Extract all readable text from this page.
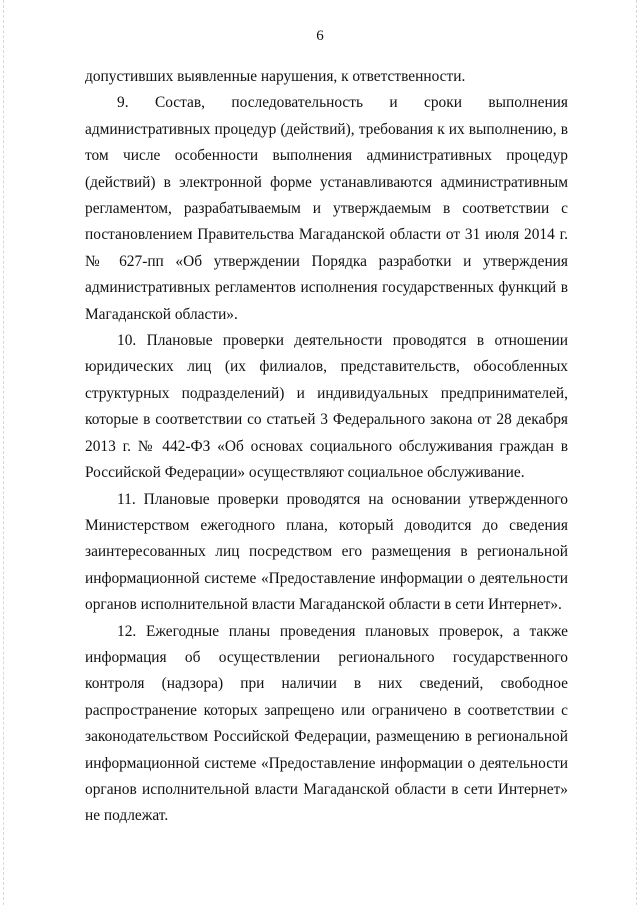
6

допустивших выявленные нарушения, к ответственности.

9. Состав, последовательность и сроки выполнения административных процедур (действий), требования к их выполнению, в том числе особенности выполнения административных процедур (действий) в электронной форме устанавливаются административным регламентом, разрабатываемым и утверждаемым в соответствии с постановлением Правительства Магаданской области от 31 июля 2014 г. № 627-пп «Об утверждении Порядка разработки и утверждения административных регламентов исполнения государственных функций в Магаданской области».

10. Плановые проверки деятельности проводятся в отношении юридических лиц (их филиалов, представительств, обособленных структурных подразделений) и индивидуальных предпринимателей, которые в соответствии со статьей 3 Федерального закона от 28 декабря 2013 г. № 442-ФЗ «Об основах социального обслуживания граждан в Российской Федерации» осуществляют социальное обслуживание.

11. Плановые проверки проводятся на основании утвержденного Министерством ежегодного плана, который доводится до сведения заинтересованных лиц посредством его размещения в региональной информационной системе «Предоставление информации о деятельности органов исполнительной власти Магаданской области в сети Интернет».

12. Ежегодные планы проведения плановых проверок, а также информация об осуществлении регионального государственного контроля (надзора) при наличии в них сведений, свободное распространение которых запрещено или ограничено в соответствии с законодательством Российской Федерации, размещению в региональной информационной системе «Предоставление информации о деятельности органов исполнительной власти Магаданской области в сети Интернет» не подлежат.
